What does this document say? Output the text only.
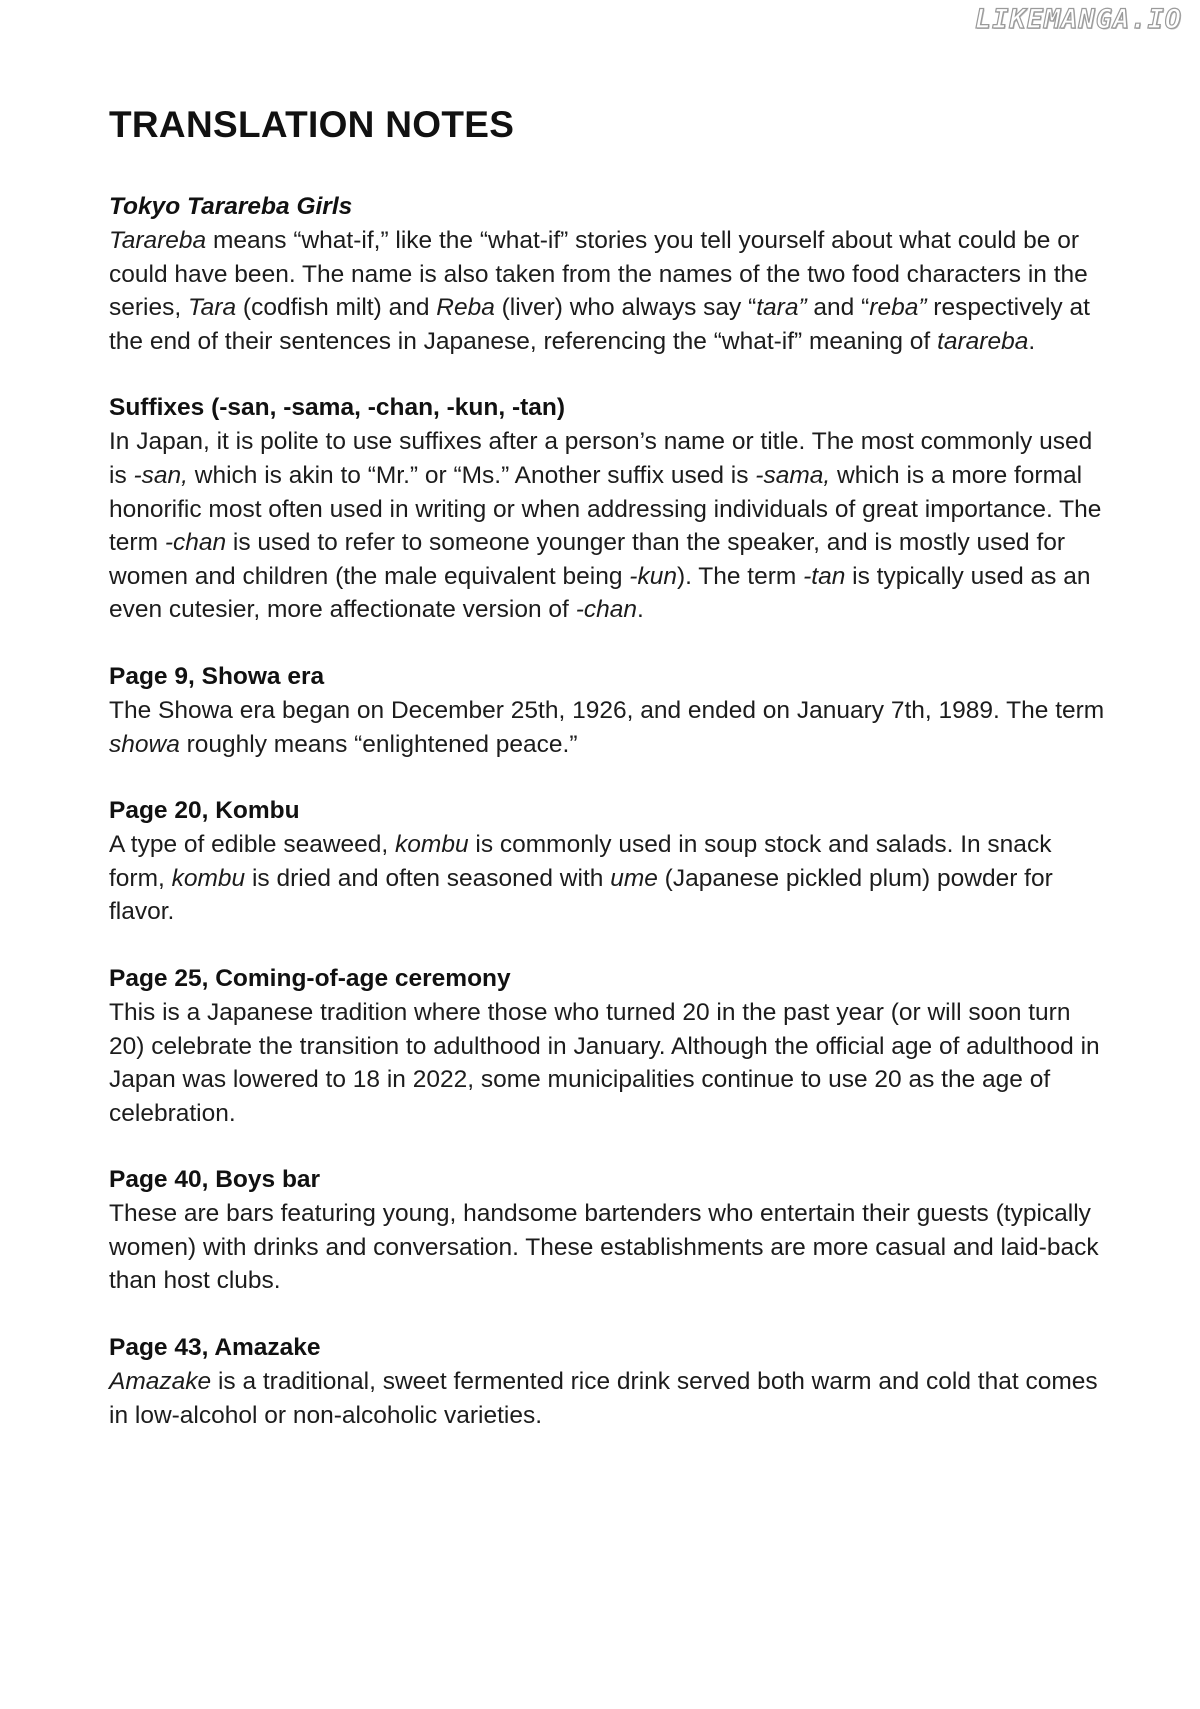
LIKEMANGA.IO
TRANSLATION NOTES
Tokyo Tarareba Girls
Tarareba means “what-if,” like the “what-if” stories you tell yourself about what could be or could have been. The name is also taken from the names of the two food characters in the series, Tara (codfish milt) and Reba (liver) who always say “tara” and “reba” respectively at the end of their sentences in Japanese, referencing the “what-if” meaning of tarareba.
Suffixes (-san, -sama, -chan, -kun, -tan)
In Japan, it is polite to use suffixes after a person’s name or title. The most commonly used is -san, which is akin to “Mr.” or “Ms.” Another suffix used is -sama, which is a more formal honorific most often used in writing or when addressing individuals of great importance. The term -chan is used to refer to someone younger than the speaker, and is mostly used for women and children (the male equivalent being -kun). The term -tan is typically used as an even cutesier, more affectionate version of -chan.
Page 9, Showa era
The Showa era began on December 25th, 1926, and ended on January 7th, 1989. The term showa roughly means “enlightened peace.”
Page 20, Kombu
A type of edible seaweed, kombu is commonly used in soup stock and salads. In snack form, kombu is dried and often seasoned with ume (Japanese pickled plum) powder for flavor.
Page 25, Coming-of-age ceremony
This is a Japanese tradition where those who turned 20 in the past year (or will soon turn 20) celebrate the transition to adulthood in January. Although the official age of adulthood in Japan was lowered to 18 in 2022, some municipalities continue to use 20 as the age of celebration.
Page 40, Boys bar
These are bars featuring young, handsome bartenders who entertain their guests (typically women) with drinks and conversation. These establishments are more casual and laid-back than host clubs.
Page 43, Amazake
Amazake is a traditional, sweet fermented rice drink served both warm and cold that comes in low-alcohol or non-alcoholic varieties.
